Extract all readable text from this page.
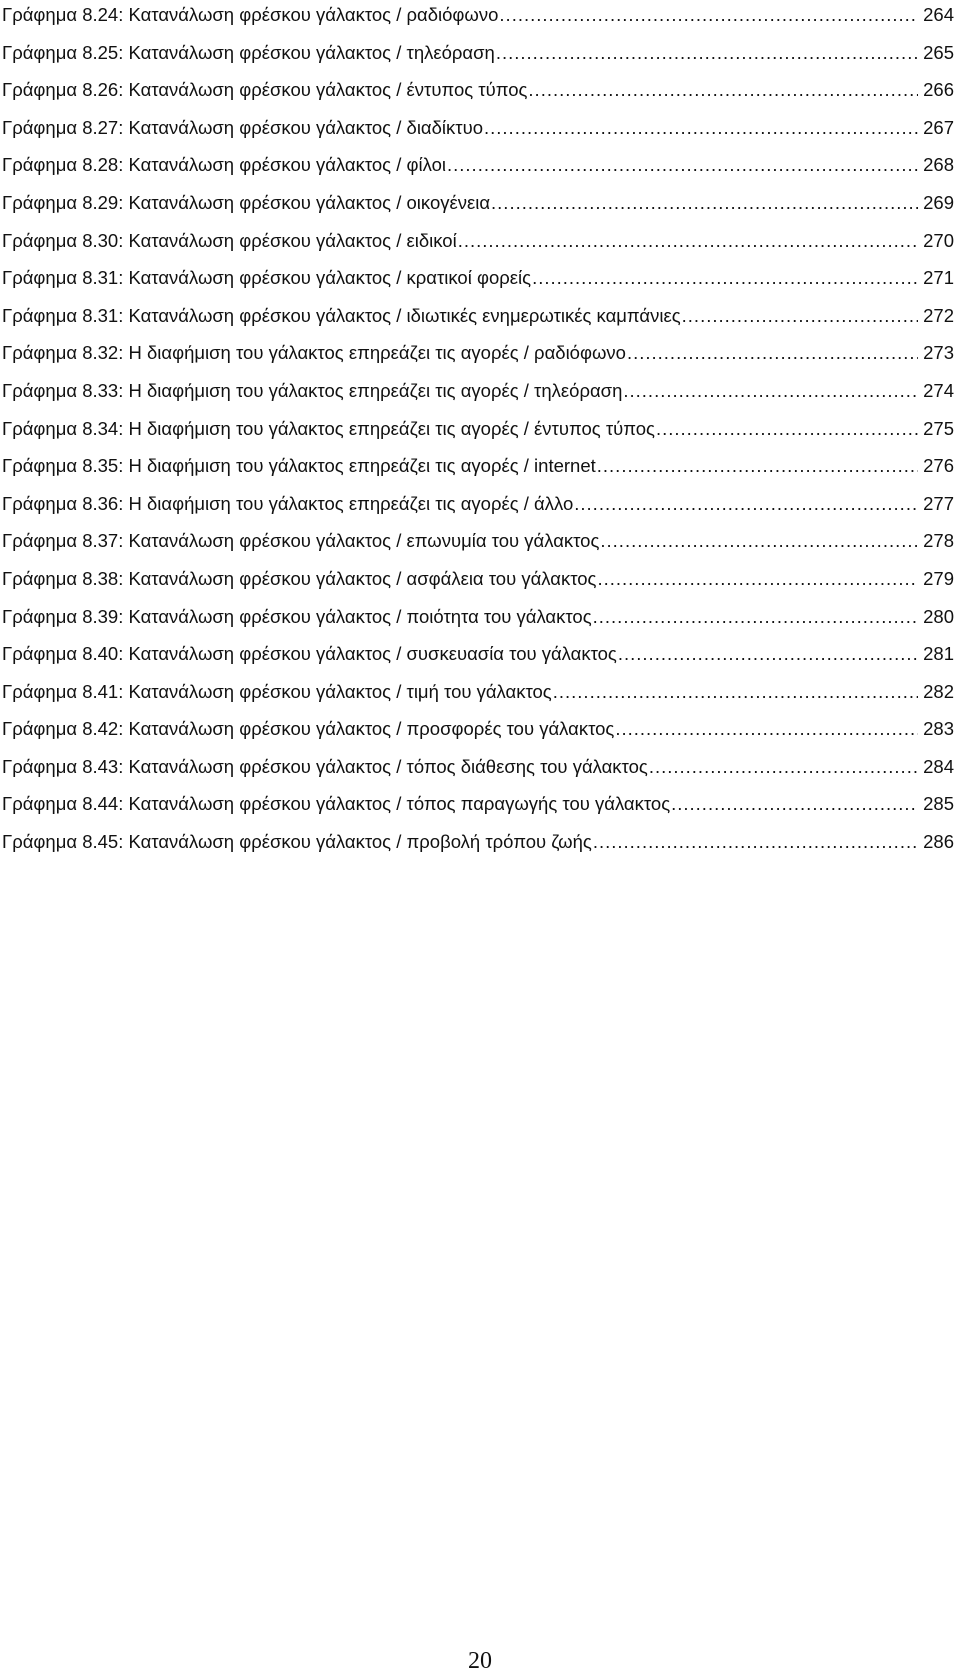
Γράφημα 8.24: Κατανάλωση φρέσκου γάλακτος / ραδιόφωνο .....	264
Γράφημα 8.25: Κατανάλωση φρέσκου γάλακτος / τηλεόραση .....	265
Γράφημα 8.26: Κατανάλωση φρέσκου γάλακτος / έντυπος τύπος .....	266
Γράφημα 8.27: Κατανάλωση φρέσκου γάλακτος / διαδίκτυο .....	267
Γράφημα 8.28: Κατανάλωση φρέσκου γάλακτος / φίλοι .....	268
Γράφημα 8.29: Κατανάλωση φρέσκου γάλακτος / οικογένεια .....	269
Γράφημα 8.30: Κατανάλωση φρέσκου γάλακτος / ειδικοί .....	270
Γράφημα 8.31: Κατανάλωση φρέσκου γάλακτος / κρατικοί φορείς .....	271
Γράφημα 8.31: Κατανάλωση φρέσκου γάλακτος / ιδιωτικές ενημερωτικές καμπάνιες .....	272
Γράφημα 8.32: Η διαφήμιση του γάλακτος επηρεάζει τις αγορές / ραδιόφωνο .....	273
Γράφημα 8.33: Η διαφήμιση του γάλακτος επηρεάζει τις αγορές / τηλεόραση .....	274
Γράφημα 8.34: Η διαφήμιση του γάλακτος επηρεάζει τις αγορές / έντυπος τύπος .....	275
Γράφημα 8.35: Η διαφήμιση του γάλακτος επηρεάζει τις αγορές / internet .....	276
Γράφημα 8.36: Η διαφήμιση του γάλακτος επηρεάζει τις αγορές / άλλο .....	277
Γράφημα 8.37: Κατανάλωση φρέσκου γάλακτος / επωνυμία του γάλακτος .....	278
Γράφημα 8.38: Κατανάλωση φρέσκου γάλακτος / ασφάλεια του γάλακτος .....	279
Γράφημα 8.39: Κατανάλωση φρέσκου γάλακτος / ποιότητα του γάλακτος .....	280
Γράφημα 8.40: Κατανάλωση φρέσκου γάλακτος / συσκευασία του γάλακτος .....	281
Γράφημα 8.41: Κατανάλωση φρέσκου γάλακτος / τιμή του γάλακτος .....	282
Γράφημα 8.42: Κατανάλωση φρέσκου γάλακτος / προσφορές του γάλακτος .....	283
Γράφημα 8.43: Κατανάλωση φρέσκου γάλακτος / τόπος διάθεσης του γάλακτος .....	284
Γράφημα 8.44: Κατανάλωση φρέσκου γάλακτος / τόπος παραγωγής του γάλακτος .....	285
Γράφημα 8.45: Κατανάλωση φρέσκου γάλακτος / προβολή τρόπου ζωής .....	286
20
